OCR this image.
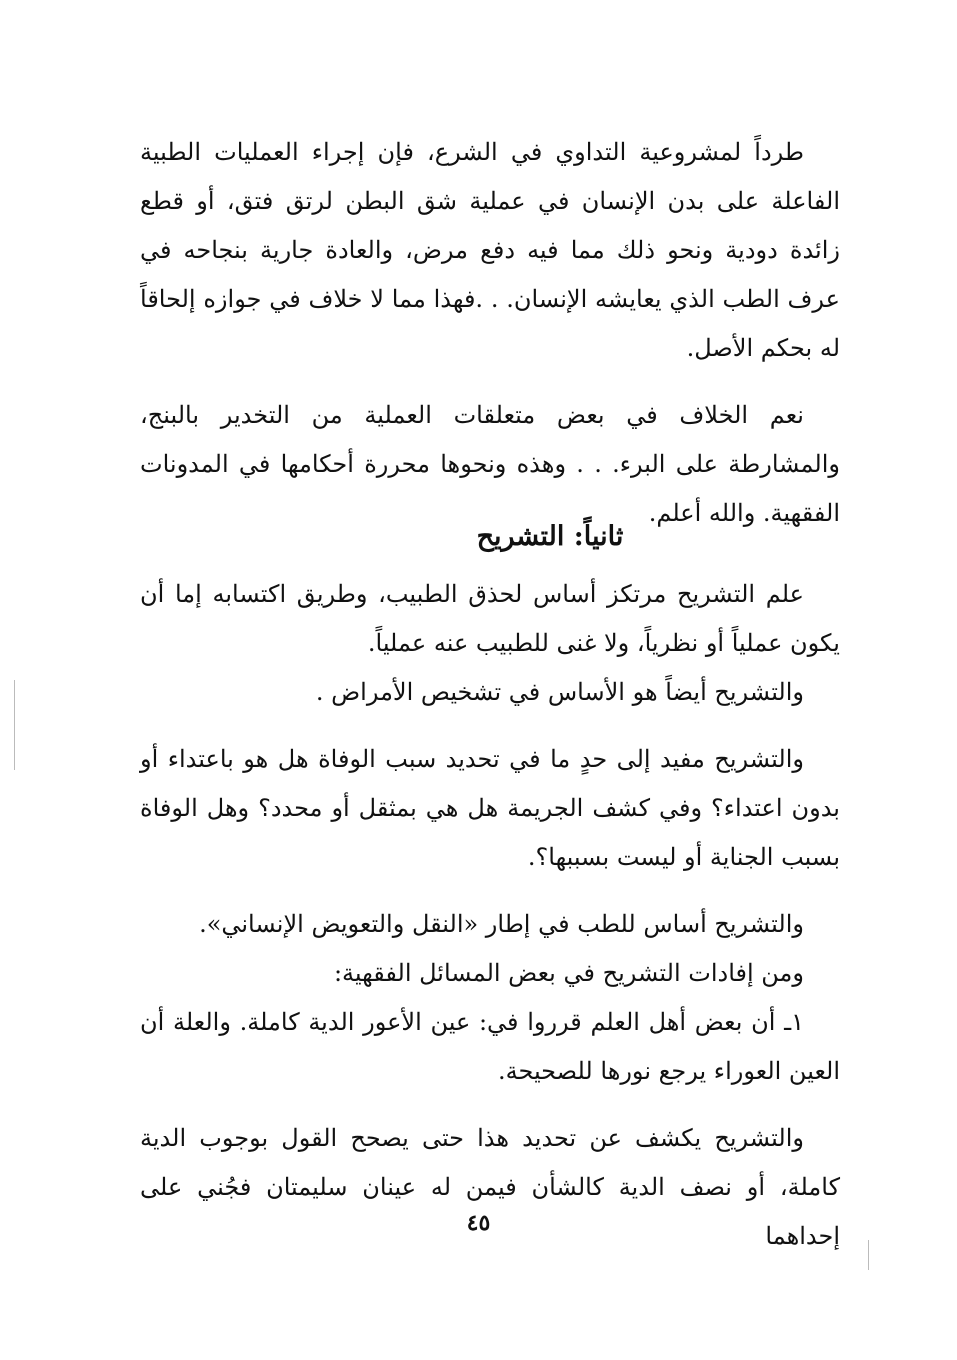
طرداً لمشروعية التداوي في الشرع، فإن إجراء العمليات الطبية الفاعلة على بدن الإنسان في عملية شق البطن لرتق فتق، أو قطع زائدة دودية ونحو ذلك مما فيه دفع مرض، والعادة جارية بنجاحه في عرف الطب الذي يعايشه الإنسان. . .فهذا مما لا خلاف في جوازه إلحاقاً له بحكم الأصل.

نعم الخلاف في بعض متعلقات العملية من التخدير بالبنج، والمشارطة على البرء. . . وهذه ونحوها محررة أحكامها في المدونات الفقهية. والله أعلم.

ثانياً: التشريح

علم التشريح مرتكز أساس لحذق الطبيب، وطريق اكتسابه إما أن يكون عملياً أو نظرياً، ولا غنى للطبيب عنه عملياً.

والتشريح أيضاً هو الأساس في تشخيص الأمراض .

والتشريح مفيد إلى حدٍ ما في تحديد سبب الوفاة هل هو باعتداء أو بدون اعتداء؟ وفي كشف الجريمة هل هي بمثقل أو محدد؟ وهل الوفاة بسبب الجناية أو ليست بسببها؟.

والتشريح أساس للطب في إطار «النقل والتعويض الإنساني».

ومن إفادات التشريح في بعض المسائل الفقهية:

١ـ أن بعض أهل العلم قرروا في: عين الأعور الدية كاملة. والعلة أن العين العوراء يرجع نورها للصحيحة.

والتشريح يكشف عن تحديد هذا حتى يصحح القول بوجوب الدية كاملة، أو نصف الدية كالشأن فيمن له عينان سليمتان فجُني على إحداهما

٤٥
